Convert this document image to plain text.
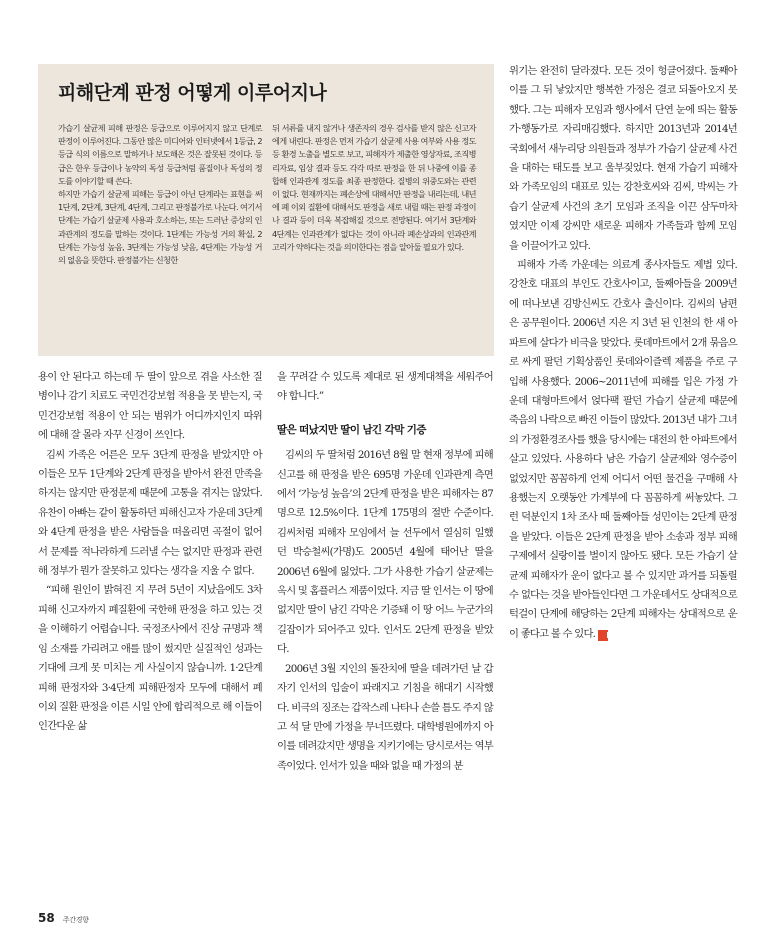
피해단계 판정 어떻게 이루어지나

가습기 살균제 피해 판정은 등급으로 이루어지지 않고 단계로 판정이 이루어진다. 그동안 많은 미디어와 인터넷에서 1등급, 2등급 식의 이름으로 말하거나 보도해온 것은 잘못된 것이다. 등급은 한우 등급이나 농약의 독성 등급처럼 품질이나 독성의 정도를 이야기할 때 쓴다.

하지만 가습기 살균제 피해는 등급이 아닌 단계라는 표현을 써 1단계, 2단계, 3단계, 4단계, 그리고 판정불가로 나눈다. 여기서 단계는 가습기 살균제 사용과 호소하는, 또는 드러난 증상의 인과관계의 정도를 말하는 것이다. 1단계는 가능성 거의 확실, 2단계는 가능성 높음, 3단계는 가능성 낮음, 4단계는 가능성 거의 없음을 뜻한다. 판정불가는 신청한

뒤 서류를 내지 않거나 생존자의 경우 검사를 받지 않은 신고자에게 내린다. 판정은 먼저 가습기 살균제 사용 여부와 사용 정도 등 환경 노출을 별도로 보고, 피해자가 제출한 영상자료, 조직병리자료, 임상 결과 등도 각각 따로 판정을 한 뒤 나중에 이를 종합해 인과관계 정도를 최종 판정한다. 질병의 위중도와는 관련이 없다. 현재까지는 폐손상에 대해서만 판정을 내리는데, 내년에 폐 이외 질환에 대해서도 판정을 새로 내릴 때는 판정 과정이나 결과 등이 더욱 복잡해질 것으로 전망된다. 여기서 3단계와 4단계는 인과관계가 없다는 것이 아니라 폐손상과의 인과관계 고리가 약하다는 것을 의미한다는 점을 알아둘 필요가 있다.

용이 안 된다고 하는데 두 딸이 앞으로 겪을 사소한 질병이나 감기 치료도 국민건강보험 적용을 못 받는지, 국민건강보험 적용이 안 되는 범위가 어디까지인지 따위에 대해 잘 몰라 자꾸 신경이 쓰인다.

김씨 가족은 어른은 모두 3단계 판정을 받았지만 아이들은 모두 1단계와 2단계 판정을 받아서 완전 만족을 하지는 않지만 판정문제 때문에 고통을 겪지는 않았다. 유찬이 아빠는 같이 활동하던 피해신고자 가운데 3단계와 4단계 판정을 받은 사람들을 떠올리면 곡절이 없어서 문제를 적나라하게 드러낼 수는 없지만 판정과 관련해 정부가 뭔가 잘못하고 있다는 생각을 지울 수 없다.

“피해 원인이 밝혀진 지 무려 5년이 지났음에도 3차 피해 신고자까지 폐질환에 국한해 판정을 하고 있는 것을 이해하기 어렵습니다. 국정조사에서 진상 규명과 책임 소재를 가리려고 애를 많이 썼지만 실질적인 성과는 기대에 크게 못 미치는 게 사실이지 않습니까. 1·2단계 피해 판정자와 3·4단계 피해판정자 모두에 대해서 폐 이외 질환 판정을 이른 시일 안에 합리적으로 해 이들이 인간다운 삶

을 꾸려갈 수 있도록 제대로 된 생계대책을 세워주어야 합니다.”

딸은 떠났지만 딸이 남긴 각막 기증

김씨의 두 딸처럼 2016년 8월 말 현재 정부에 피해신고를 해 판정을 받은 695명 가운데 인과관계 측면에서 ‘가능성 높음’의 2단계 판정을 받은 피해자는 87명으로 12.5%이다. 1단계 175명의 절반 수준이다. 김씨처럼 피해자 모임에서 늘 선두에서 열심히 일했던 박승철씨(가명)도 2005년 4월에 태어난 딸을 2006년 6월에 잃었다. 그가 사용한 가습기 살균제는 옥시 및 홈플러스 제품이었다. 지금 딸 인서는 이 땅에 없지만 딸이 남긴 각막은 기증돼 이 땅 어느 누군가의 길잡이가 되어주고 있다. 인서도 2단계 판정을 받았다.

2006년 3월 지인의 돌잔치에 딸을 데려가던 날 갑자기 인서의 입술이 파래지고 기침을 해대기 시작했다. 비극의 징조는 갑작스레 나타나 손쓸 틈도 주지 않고 석 달 만에 가정을 무너뜨렸다. 대학병원에까지 아이를 데려갔지만 생명을 지키기에는 당시로서는 역부족이었다. 인서가 있을 때와 없을 때 가정의 분

위기는 완전히 달라졌다. 모든 것이 헝클어졌다. 둘째아이를 그 뒤 낳았지만 행복한 가정은 결코 되돌아오지 못했다. 그는 피해자 모임과 행사에서 단연 눈에 띄는 활동가·행동가로 자리매김했다. 하지만 2013년과 2014년 국회에서 새누리당 의원들과 정부가 가습기 살균제 사건을 대하는 태도를 보고 울부짖었다. 현재 가습기 피해자와 가족모임의 대표로 있는 강찬호씨와 김씨, 박씨는 가습기 살균제 사건의 초기 모임과 조직을 이끈 삼두마차였지만 이제 강씨만 새로운 피해자 가족들과 함께 모임을 이끌어가고 있다.

피해자 가족 가운데는 의료계 종사자들도 제법 있다. 강찬호 대표의 부인도 간호사이고, 둘째아들을 2009년에 떠나보낸 김방신씨도 간호사 출신이다. 김씨의 남편은 공무원이다. 2006년 지은 지 3년 된 인천의 한 새 아파트에 살다가 비극을 맞았다. 롯데마트에서 2개 묶음으로 싸게 팔던 기획상품인 롯데와이즐렉 제품을 주로 구입해 사용했다. 2006~2011년에 피해를 입은 가정 가운데 대형마트에서 얹다팩 팔던 가습기 살균제 때문에 죽음의 나락으로 빠진 이들이 많았다. 2013년 내가 그녀의 가정환경조사를 했을 당시에는 대전의 한 아파트에서 살고 있었다. 사용하다 남은 가습기 살균제와 영수증이 없었지만 꼼꼼하게 언제 어디서 어떤 물건을 구매해 사용했는지 오랫동안 가계부에 다 꼼꼼하게 써놓았다. 그런 덕분인지 1차 조사 때 둘째아들 성민이는 2단계 판정을 받았다. 이들은 2단계 판정을 받아 소송과 정부 피해구제에서 실랑이를 벌이지 않아도 됐다. 모든 가습기 살균제 피해자가 운이 없다고 볼 수 있지만 과거를 되돌릴 수 없다는 것을 받아들인다면 그 가운데서도 상대적으로 턱걸이 단계에 해당하는 2단계 피해자는 상대적으로 운이 좋다고 볼 수 있다. K

58 주간경향
